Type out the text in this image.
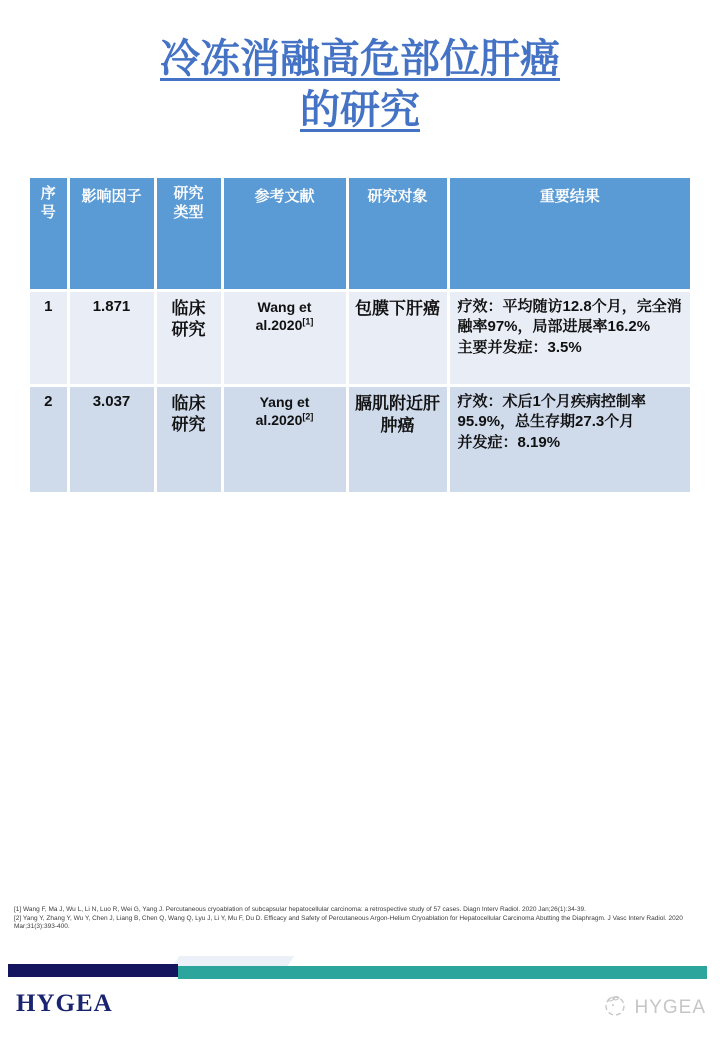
冷冻消融高危部位肝癌
的研究
序号	影响因子	研究类型	参考文献	研究对象	重要结果
1	1.871	临床研究	Wang et al.2020[1]	包膜下肝癌	疗效：平均随访12.8个月，完全消融率97%，局部进展率16.2%
主要并发症：3.5%

2	3.037	临床研究	Yang et al.2020[2]	膈肌附近肝肿癌	疗效：术后1个月疾病控制率95.9%，总生存期27.3个月
并发症：8.19%

[1] Wang F, Ma J, Wu L, Li N, Luo R, Wei G, Yang J. Percutaneous cryoablation of subcapsular hepatocellular carcinoma: a retrospective study of 57 cases. Diagn Interv Radiol. 2020 Jan;26(1):34-39.

[2] Yang Y, Zhang Y, Wu Y, Chen J, Liang B, Chen Q, Wang Q, Lyu J, Li Y, Mu F, Du D. Efficacy and Safety of Percutaneous Argon-Helium Cryoablation for Hepatocellular Carcinoma Abutting the Diaphragm. J Vasc Interv Radiol. 2020 Mar;31(3):393-400.

HYGEA	HYGEA
